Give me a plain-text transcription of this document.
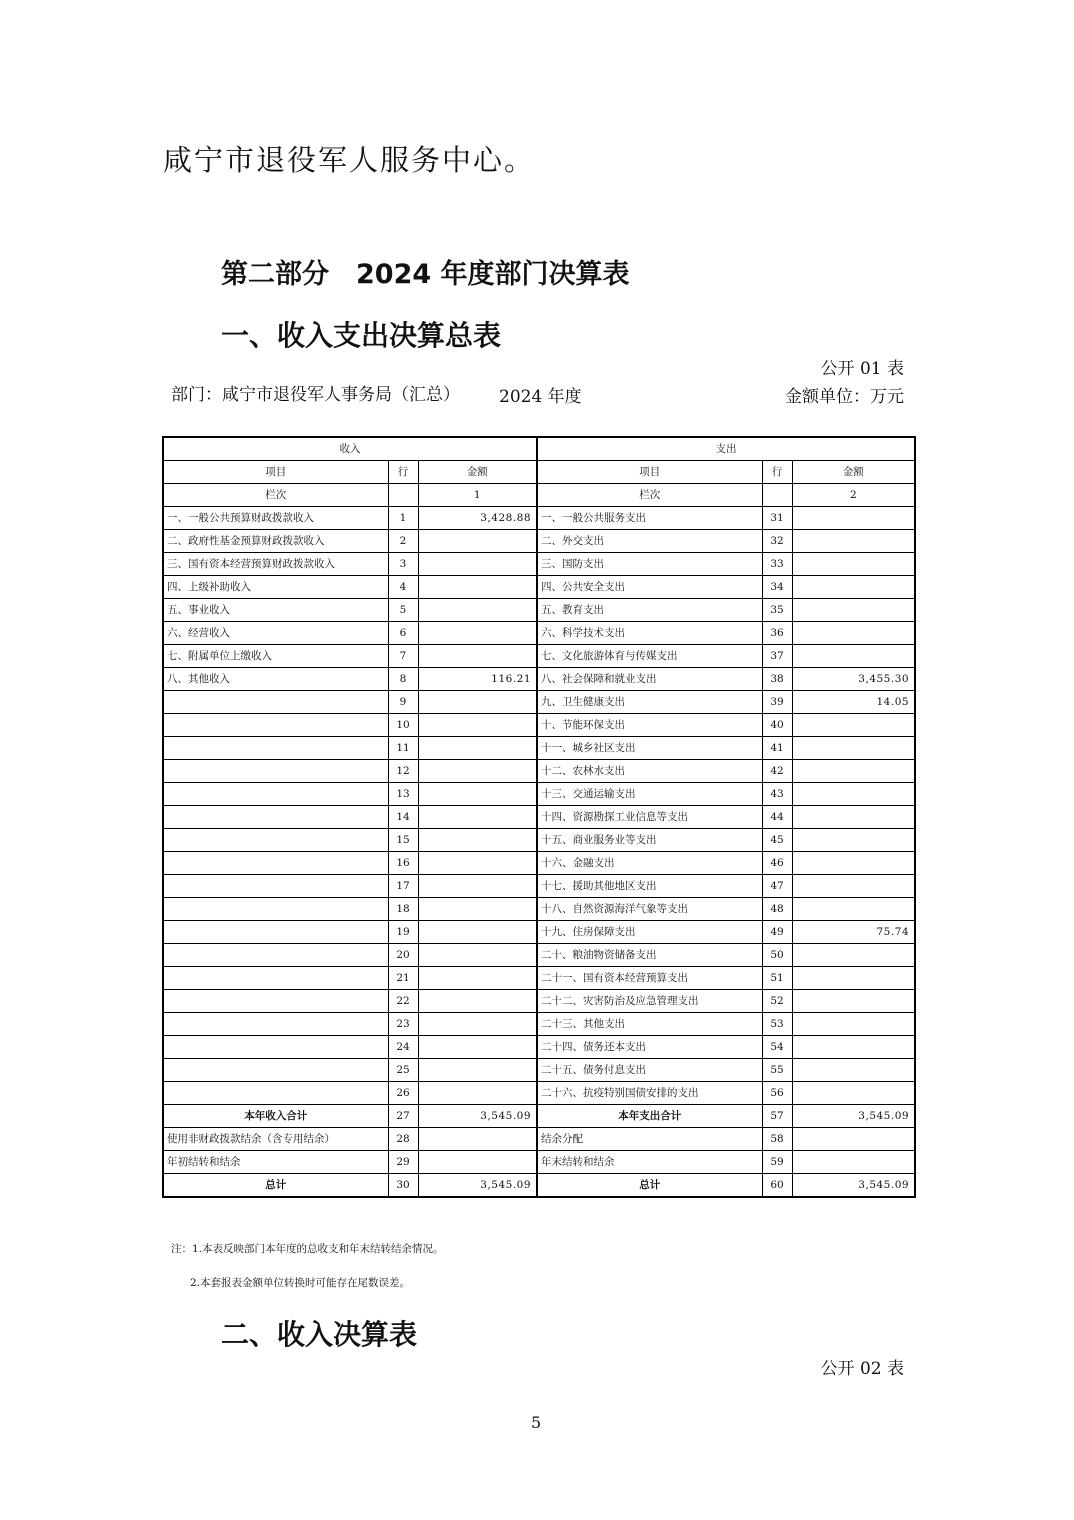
咸宁市退役军人服务中心。
第二部分　2024 年度部门决算表
一、收入支出决算总表
公开 01 表
部门：咸宁市退役军人事务局（汇总） 2024 年度	金额单位：万元
收入			支出		
项目	行	金额	项目	行	金额
栏次		1	栏次		2
一、一般公共预算财政拨款收入	1	3,428.88	一、一般公共服务支出	31	
二、政府性基金预算财政拨款收入	2		二、外交支出	32	
三、国有资本经营预算财政拨款收入	3		三、国防支出	33	
四、上级补助收入	4		四、公共安全支出	34	
五、事业收入	5		五、教育支出	35	
六、经营收入	6		六、科学技术支出	36	
七、附属单位上缴收入	7		七、文化旅游体育与传媒支出	37	
八、其他收入	8	116.21	八、社会保障和就业支出	38	3,455.30
	9		九、卫生健康支出	39	14.05
	10		十、节能环保支出	40	
	11		十一、城乡社区支出	41	
	12		十二、农林水支出	42	
	13		十三、交通运输支出	43	
	14		十四、资源勘探工业信息等支出	44	
	15		十五、商业服务业等支出	45	
	16		十六、金融支出	46	
	17		十七、援助其他地区支出	47	
	18		十八、自然资源海洋气象等支出	48	
	19		十九、住房保障支出	49	75.74
	20		二十、粮油物资储备支出	50	
	21		二十一、国有资本经营预算支出	51	
	22		二十二、灾害防治及应急管理支出	52	
	23		二十三、其他支出	53	
	24		二十四、债务还本支出	54	
	25		二十五、债务付息支出	55	
	26		二十六、抗疫特别国债安排的支出	56	
本年收入合计	27	3,545.09	本年支出合计	57	3,545.09
使用非财政拨款结余（含专用结余）	28		结余分配	58	
年初结转和结余	29		年末结转和结余	59	
总计	30	3,545.09	总计	60	3,545.09
注：1.本表反映部门本年度的总收支和年末结转结余情况。
2.本套报表金额单位转换时可能存在尾数误差。
二、收入决算表
公开 02 表
5
